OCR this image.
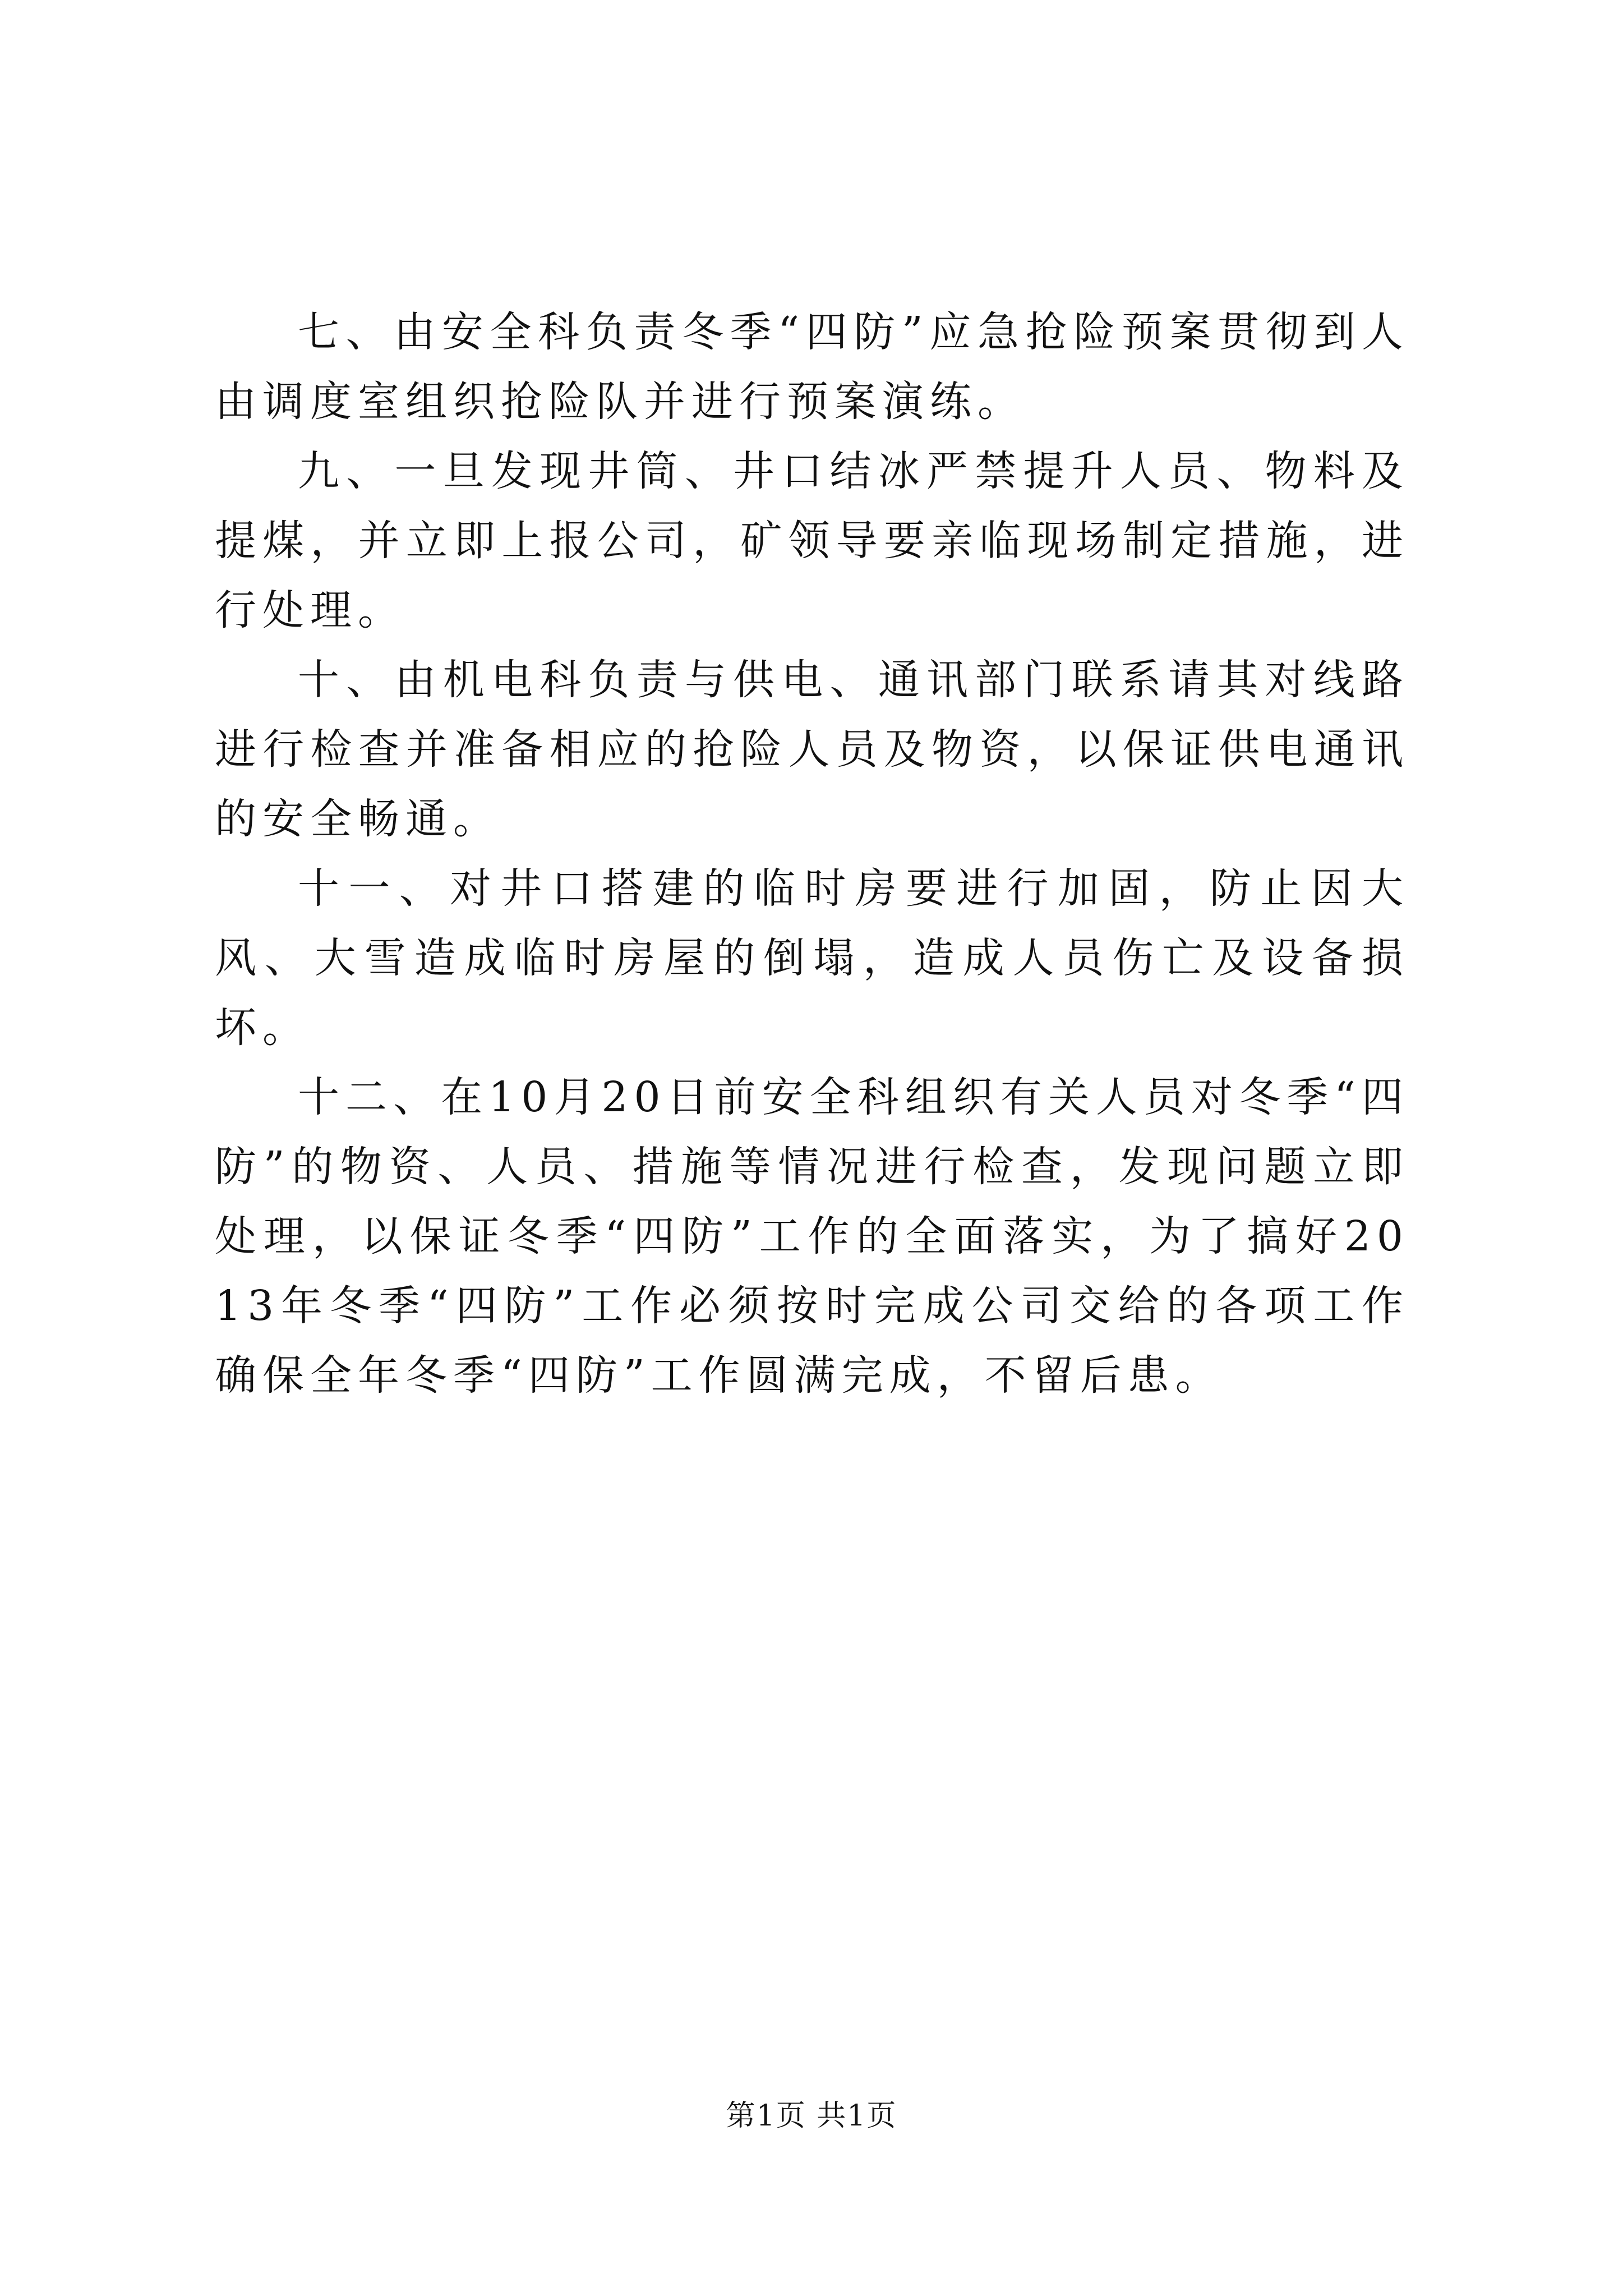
七、由安全科负责冬季“四防”应急抢险预案贯彻到人由调度室组织抢险队并进行预案演练。

九、一旦发现井筒、井口结冰严禁提升人员、物料及提煤，并立即上报公司，矿领导要亲临现场制定措施，进行处理。

十、由机电科负责与供电、通讯部门联系请其对线路进行检查并准备相应的抢险人员及物资，以保证供电通讯的安全畅通。

十一、对井口搭建的临时房要进行加固，防止因大风、大雪造成临时房屋的倒塌，造成人员伤亡及设备损坏。

十二、在10月20日前安全科组织有关人员对冬季“四防”的物资、人员、措施等情况进行检查，发现问题立即处理，以保证冬季“四防”工作的全面落实，为了搞好2013年冬季“四防”工作必须按时完成公司交给的各项工作确保全年冬季“四防”工作圆满完成，不留后患。

第1页 共1页
